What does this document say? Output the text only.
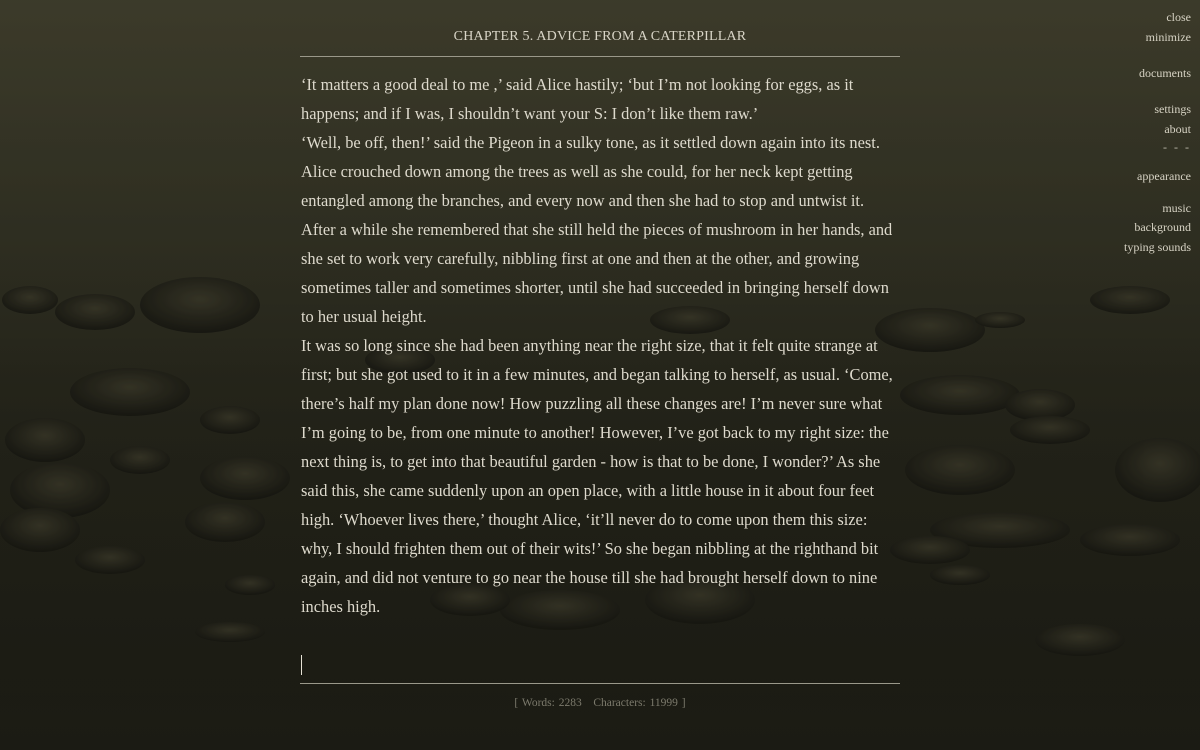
CHAPTER 5. ADVICE FROM A CATERPILLAR

‘It matters a good deal to me ,’ said Alice hastily; ‘but I’m not looking for eggs, as it happens; and if I was, I shouldn’t want your S: I don’t like them raw.’

‘Well, be off, then!’ said the Pigeon in a sulky tone, as it settled down again into its nest. Alice crouched down among the trees as well as she could, for her neck kept getting entangled among the branches, and every now and then she had to stop and untwist it. After a while she remembered that she still held the pieces of mushroom in her hands, and she set to work very carefully, nibbling first at one and then at the other, and growing sometimes taller and sometimes shorter, until she had succeeded in bringing herself down to her usual height.

It was so long since she had been anything near the right size, that it felt quite strange at first; but she got used to it in a few minutes, and began talking to herself, as usual. ‘Come, there’s half my plan done now! How puzzling all these changes are! I’m never sure what I’m going to be, from one minute to another! However, I’ve got back to my right size: the next thing is, to get into that beautiful garden - how is that to be done, I wonder?’ As she said this, she came suddenly upon an open place, with a little house in it about four feet high. ‘Whoever lives there,’ thought Alice, ‘it’ll never do to come upon them this size: why, I should frighten them out of their wits!’ So she began nibbling at the righthand bit again, and did not venture to go near the house till she had brought herself down to nine inches high.

[ Words: 2283 Characters: 11999 ]
close
minimize
documents
settings
about
- - -
appearance
music
background
typing sounds
